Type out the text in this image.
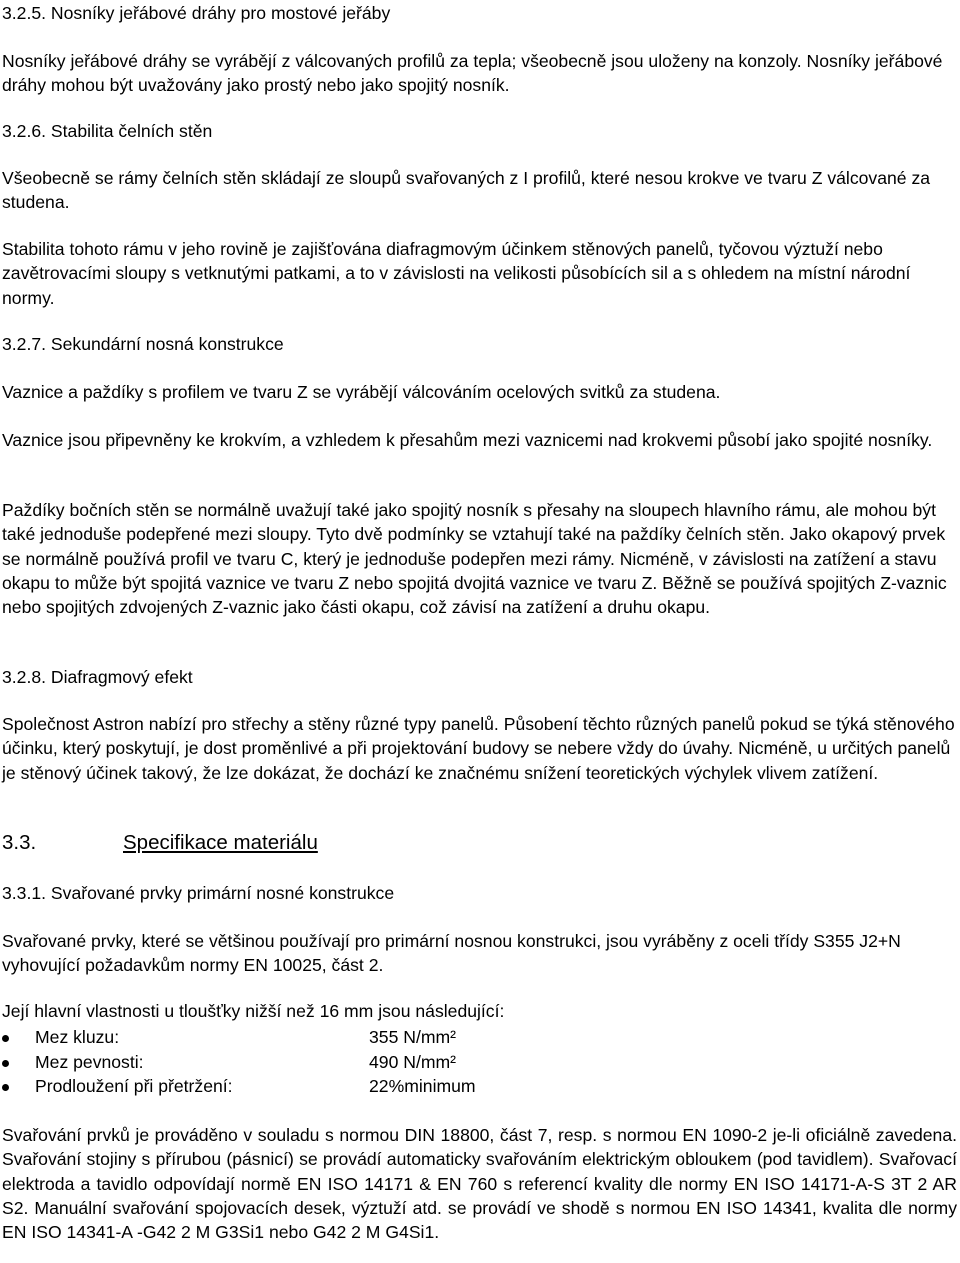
3.2.5. Nosníky jeřábové dráhy pro mostové jeřáby

Nosníky jeřábové dráhy se vyrábějí z válcovaných profilů za tepla; všeobecně jsou uloženy na konzoly. Nosníky jeřábové dráhy mohou být uvažovány jako prostý nebo jako spojitý nosník.

3.2.6. Stabilita čelních stěn

Všeobecně se rámy čelních stěn skládají ze sloupů svařovaných z I profilů, které nesou krokve ve tvaru Z válcované za studena.

Stabilita tohoto rámu v jeho rovině je zajišťována diafragmovým účinkem stěnových panelů, tyčovou výztuží nebo zavětrovacími sloupy s vetknutými patkami, a to v závislosti na velikosti působících sil a s ohledem na místní národní normy.

3.2.7. Sekundární nosná konstrukce

Vaznice a paždíky s profilem ve tvaru Z se vyrábějí válcováním ocelových svitků za studena.

Vaznice jsou připevněny ke krokvím, a vzhledem k přesahům mezi vaznicemi nad krokvemi působí jako spojité nosníky.

Paždíky bočních stěn se normálně uvažují také jako spojitý nosník s přesahy na sloupech hlavního rámu, ale mohou být také jednoduše podepřené mezi sloupy. Tyto dvě podmínky se vztahují také na paždíky čelních stěn. Jako okapový prvek se normálně používá profil ve tvaru C, který je jednoduše podepřen mezi rámy. Nicméně, v závislosti na zatížení a stavu okapu to může být spojitá vaznice ve tvaru Z nebo spojitá dvojitá vaznice ve tvaru Z. Běžně se používá spojitých Z-vaznic nebo spojitých zdvojených Z-vaznic jako části okapu, což závisí na zatížení a druhu okapu.

3.2.8. Diafragmový efekt

Společnost Astron nabízí pro střechy a stěny různé typy panelů. Působení těchto různých panelů pokud se týká stěnového účinku, který poskytují, je dost proměnlivé a při projektování budovy se nebere vždy do úvahy. Nicméně, u určitých panelů je stěnový účinek takový, že lze dokázat, že dochází ke značnému snížení teoretických výchylek vlivem zatížení.

3.3.	Specifikace materiálu

3.3.1. Svařované prvky primární nosné konstrukce

Svařované prvky, které se většinou používají pro primární nosnou konstrukci, jsou vyráběny z oceli třídy S355 J2+N vyhovující požadavkům normy EN 10025, část 2.

Její hlavní vlastnosti u tloušťky nižší než 16 mm jsou následující:

Mez kluzu:	355 N/mm²
Mez pevnosti:	490 N/mm²
Prodloužení při přetržení:	22%minimum

Svařování prvků je prováděno v souladu s normou DIN 18800, část 7, resp. s normou EN 1090-2 je-li oficiálně zavedena. Svařování stojiny s přírubou (pásnicí) se provádí automaticky svařováním elektrickým obloukem (pod tavidlem). Svařovací elektroda a tavidlo odpovídají normě EN ISO 14171 & EN 760 s referencí kvality dle normy EN ISO 14171-A-S 3T 2 AR S2. Manuální svařování spojovacích desek, výztuží atd. se provádí ve shodě s normou EN ISO 14341, kvalita dle normy EN ISO 14341-A -G42 2 M G3Si1 nebo G42 2 M G4Si1.
